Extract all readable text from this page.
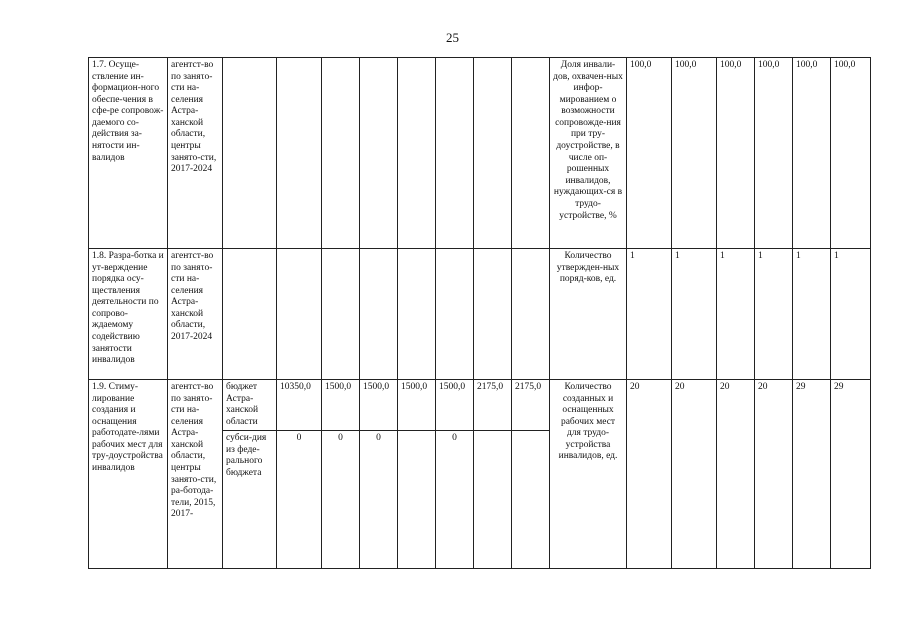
25
1.7. Осуще-ствление ин-формацион-ного обеспе-чения в сфе-ре сопровож-даемого со-действия за-нятости ин-валидов	агентст-во по заняτо-сти на-селения Астра-ханской области, центры занято-сти, 2017-2024									Доля инвали-дов, охвачен-ных инфор-мированием о возможности сопровожде-ния при тру-доустройстве, в числе оп-рошенных инвалидов, нуждающих-ся в трудо-устройстве, %	100,0	100,0	100,0	100,0	100,0	100,0
1.8. Разра-ботка и ут-верждение порядка осу-ществления деятельности по сопрово-ждаемому содействию занятости инвалидов	агентст-во по заняτо-сти на-селения Астра-ханской области, 2017-2024									Количество утвержден-ных поряд-ков, ед.	1	1	1	1	1	1
1.9. Стиму-лирование создания и оснащения работодате-лями рабочих мест для тру-доустройства инвалидов	агентст-во по заняτо-сти на-селения Астра-ханской области, центры занято-сти, ра-ботода-тели, 2015, 2017-	бюджет Астра-ханской области	10350,0	1500,0	1500,0	1500,0	1500,0	2175,0	2175,0	Количество созданных и оснащенных рабочих мест для трудо-устройства инвалидов, ед.	20	20	20	20	29	29
		субси-дия из феде-рального бюджета	0	0	0		0									
